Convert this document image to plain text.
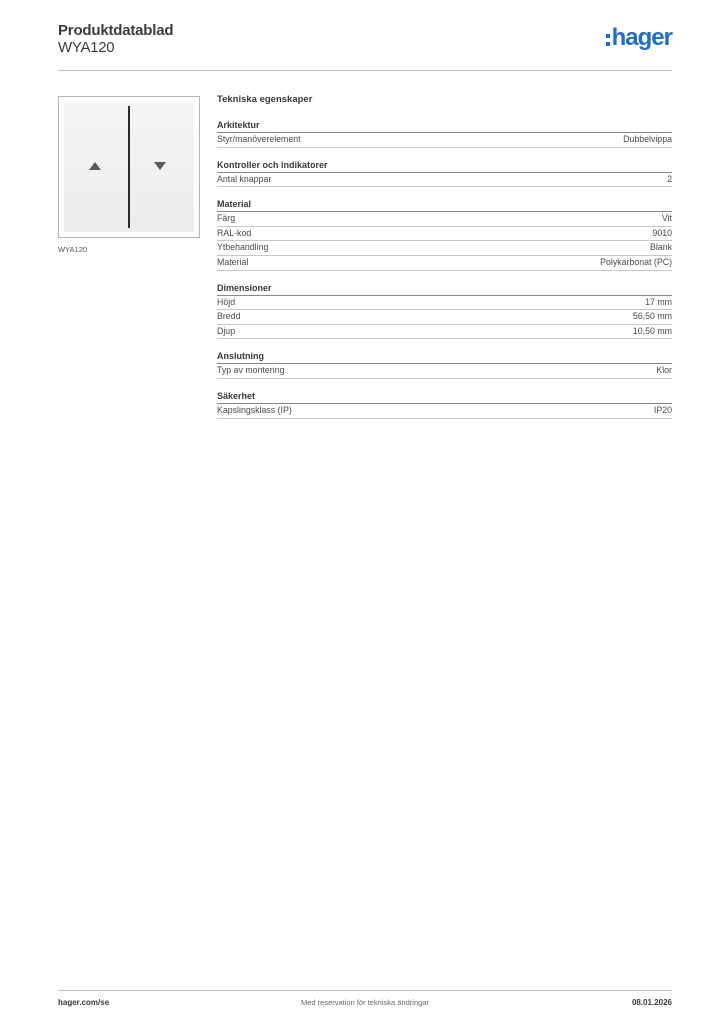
Produktdatablad
WYA120	hager
WYA120
Tekniska egenskaper
Arkitektur
Styr/manöverelement	Dubbelvippa
Kontroller och indikatorer
Antal knappar	2
Material
Färg	Vit
RAL-kod	9010
Ytbehandling	Blank
Material	Polykarbonat (PC)
Dimensioner
Höjd	17 mm
Bredd	56,50 mm
Djup	10,50 mm
Anslutning
Typ av montering	Klor
Säkerhet
Kapslingsklass (IP)	IP20
hager.com/se	Med reservation för tekniska ändringar	08.01.2026
